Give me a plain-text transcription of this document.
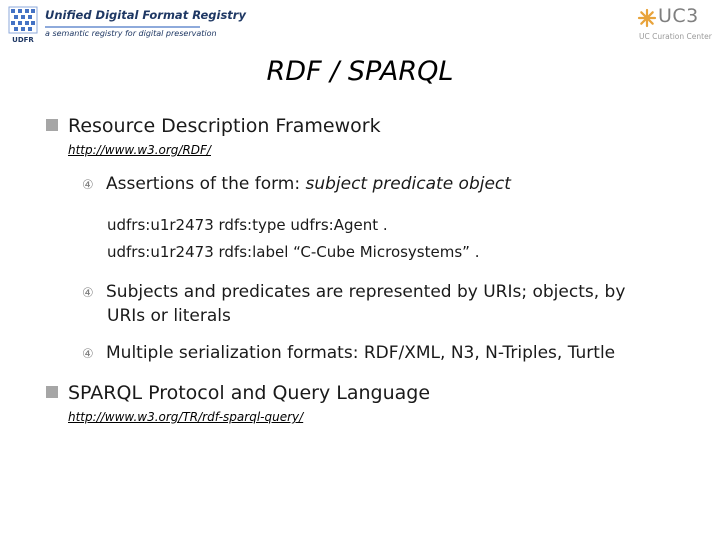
UDFR
Unified Digital Format Registry
a semantic registry for digital preservation
UC3
UC Curation Center
RDF / SPARQL
Resource Description Framework
http://www.w3.org/RDF/
④ Assertions of the form: subject predicate object
udfrs:u1r2473 rdfs:type udfrs:Agent .
udfrs:u1r2473 rdfs:label “C-Cube Microsystems” .
④ Subjects and predicates are represented by URIs; objects, by
URIs or literals
④ Multiple serialization formats: RDF/XML, N3, N-Triples, Turtle
SPARQL Protocol and Query Language
http://www.w3.org/TR/rdf-sparql-query/
